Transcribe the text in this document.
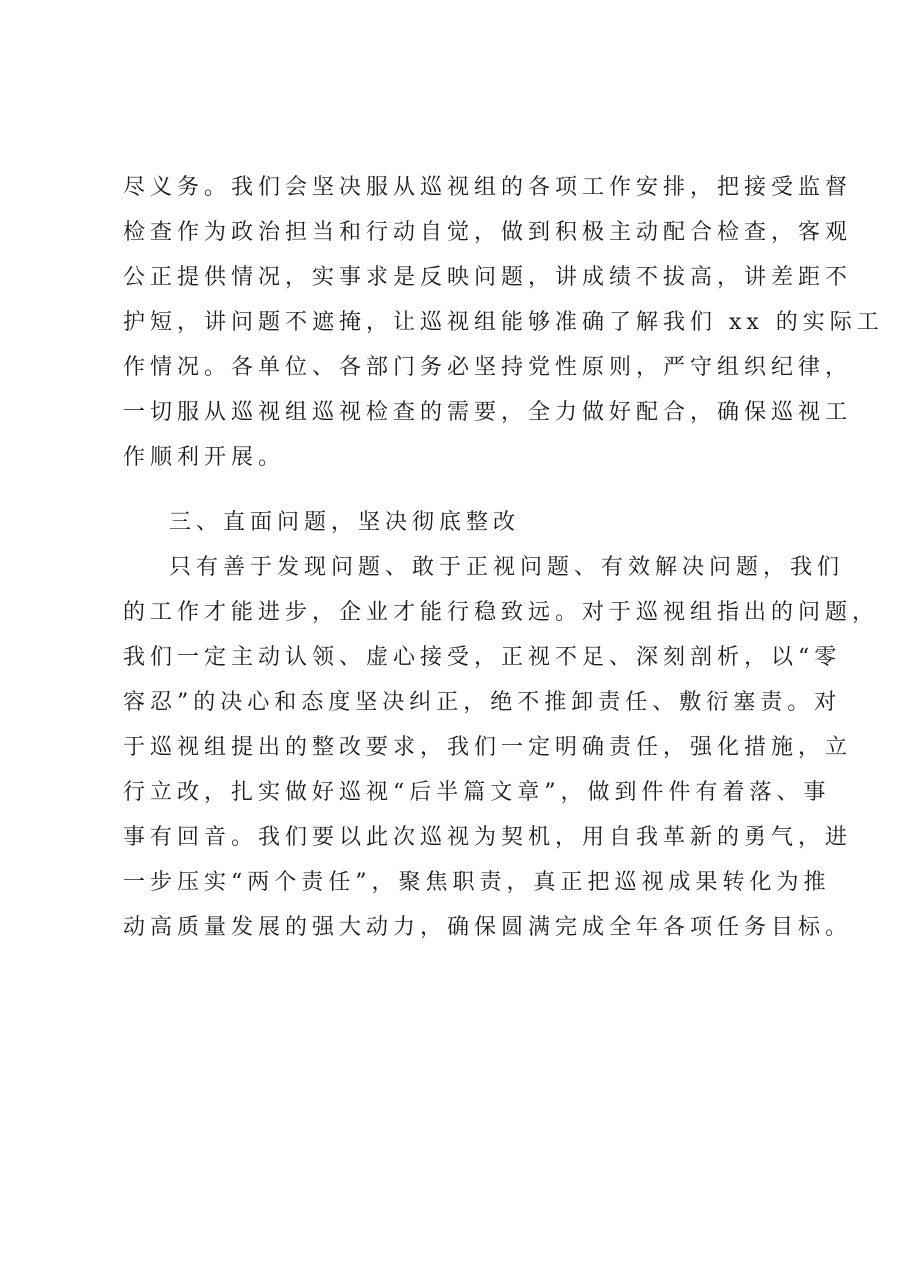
尽义务。我们会坚决服从巡视组的各项工作安排，把接受监督
检查作为政治担当和行动自觉，做到积极主动配合检查，客观
公正提供情况，实事求是反映问题，讲成绩不拔高，讲差距不
护短，讲问题不遮掩，让巡视组能够准确了解我们 xx 的实际工
作情况。各单位、各部门务必坚持党性原则，严守组织纪律，
一切服从巡视组巡视检查的需要，全力做好配合，确保巡视工
作顺利开展。
三、直面问题，坚决彻底整改
只有善于发现问题、敢于正视问题、有效解决问题，我们
的工作才能进步，企业才能行稳致远。对于巡视组指出的问题，
我们一定主动认领、虚心接受，正视不足、深刻剖析，以“零
容忍”的决心和态度坚决纠正，绝不推卸责任、敷衍塞责。对
于巡视组提出的整改要求，我们一定明确责任，强化措施，立
行立改，扎实做好巡视“后半篇文章”，做到件件有着落、事
事有回音。我们要以此次巡视为契机，用自我革新的勇气，进
一步压实“两个责任”，聚焦职责，真正把巡视成果转化为推
动高质量发展的强大动力，确保圆满完成全年各项任务目标。
